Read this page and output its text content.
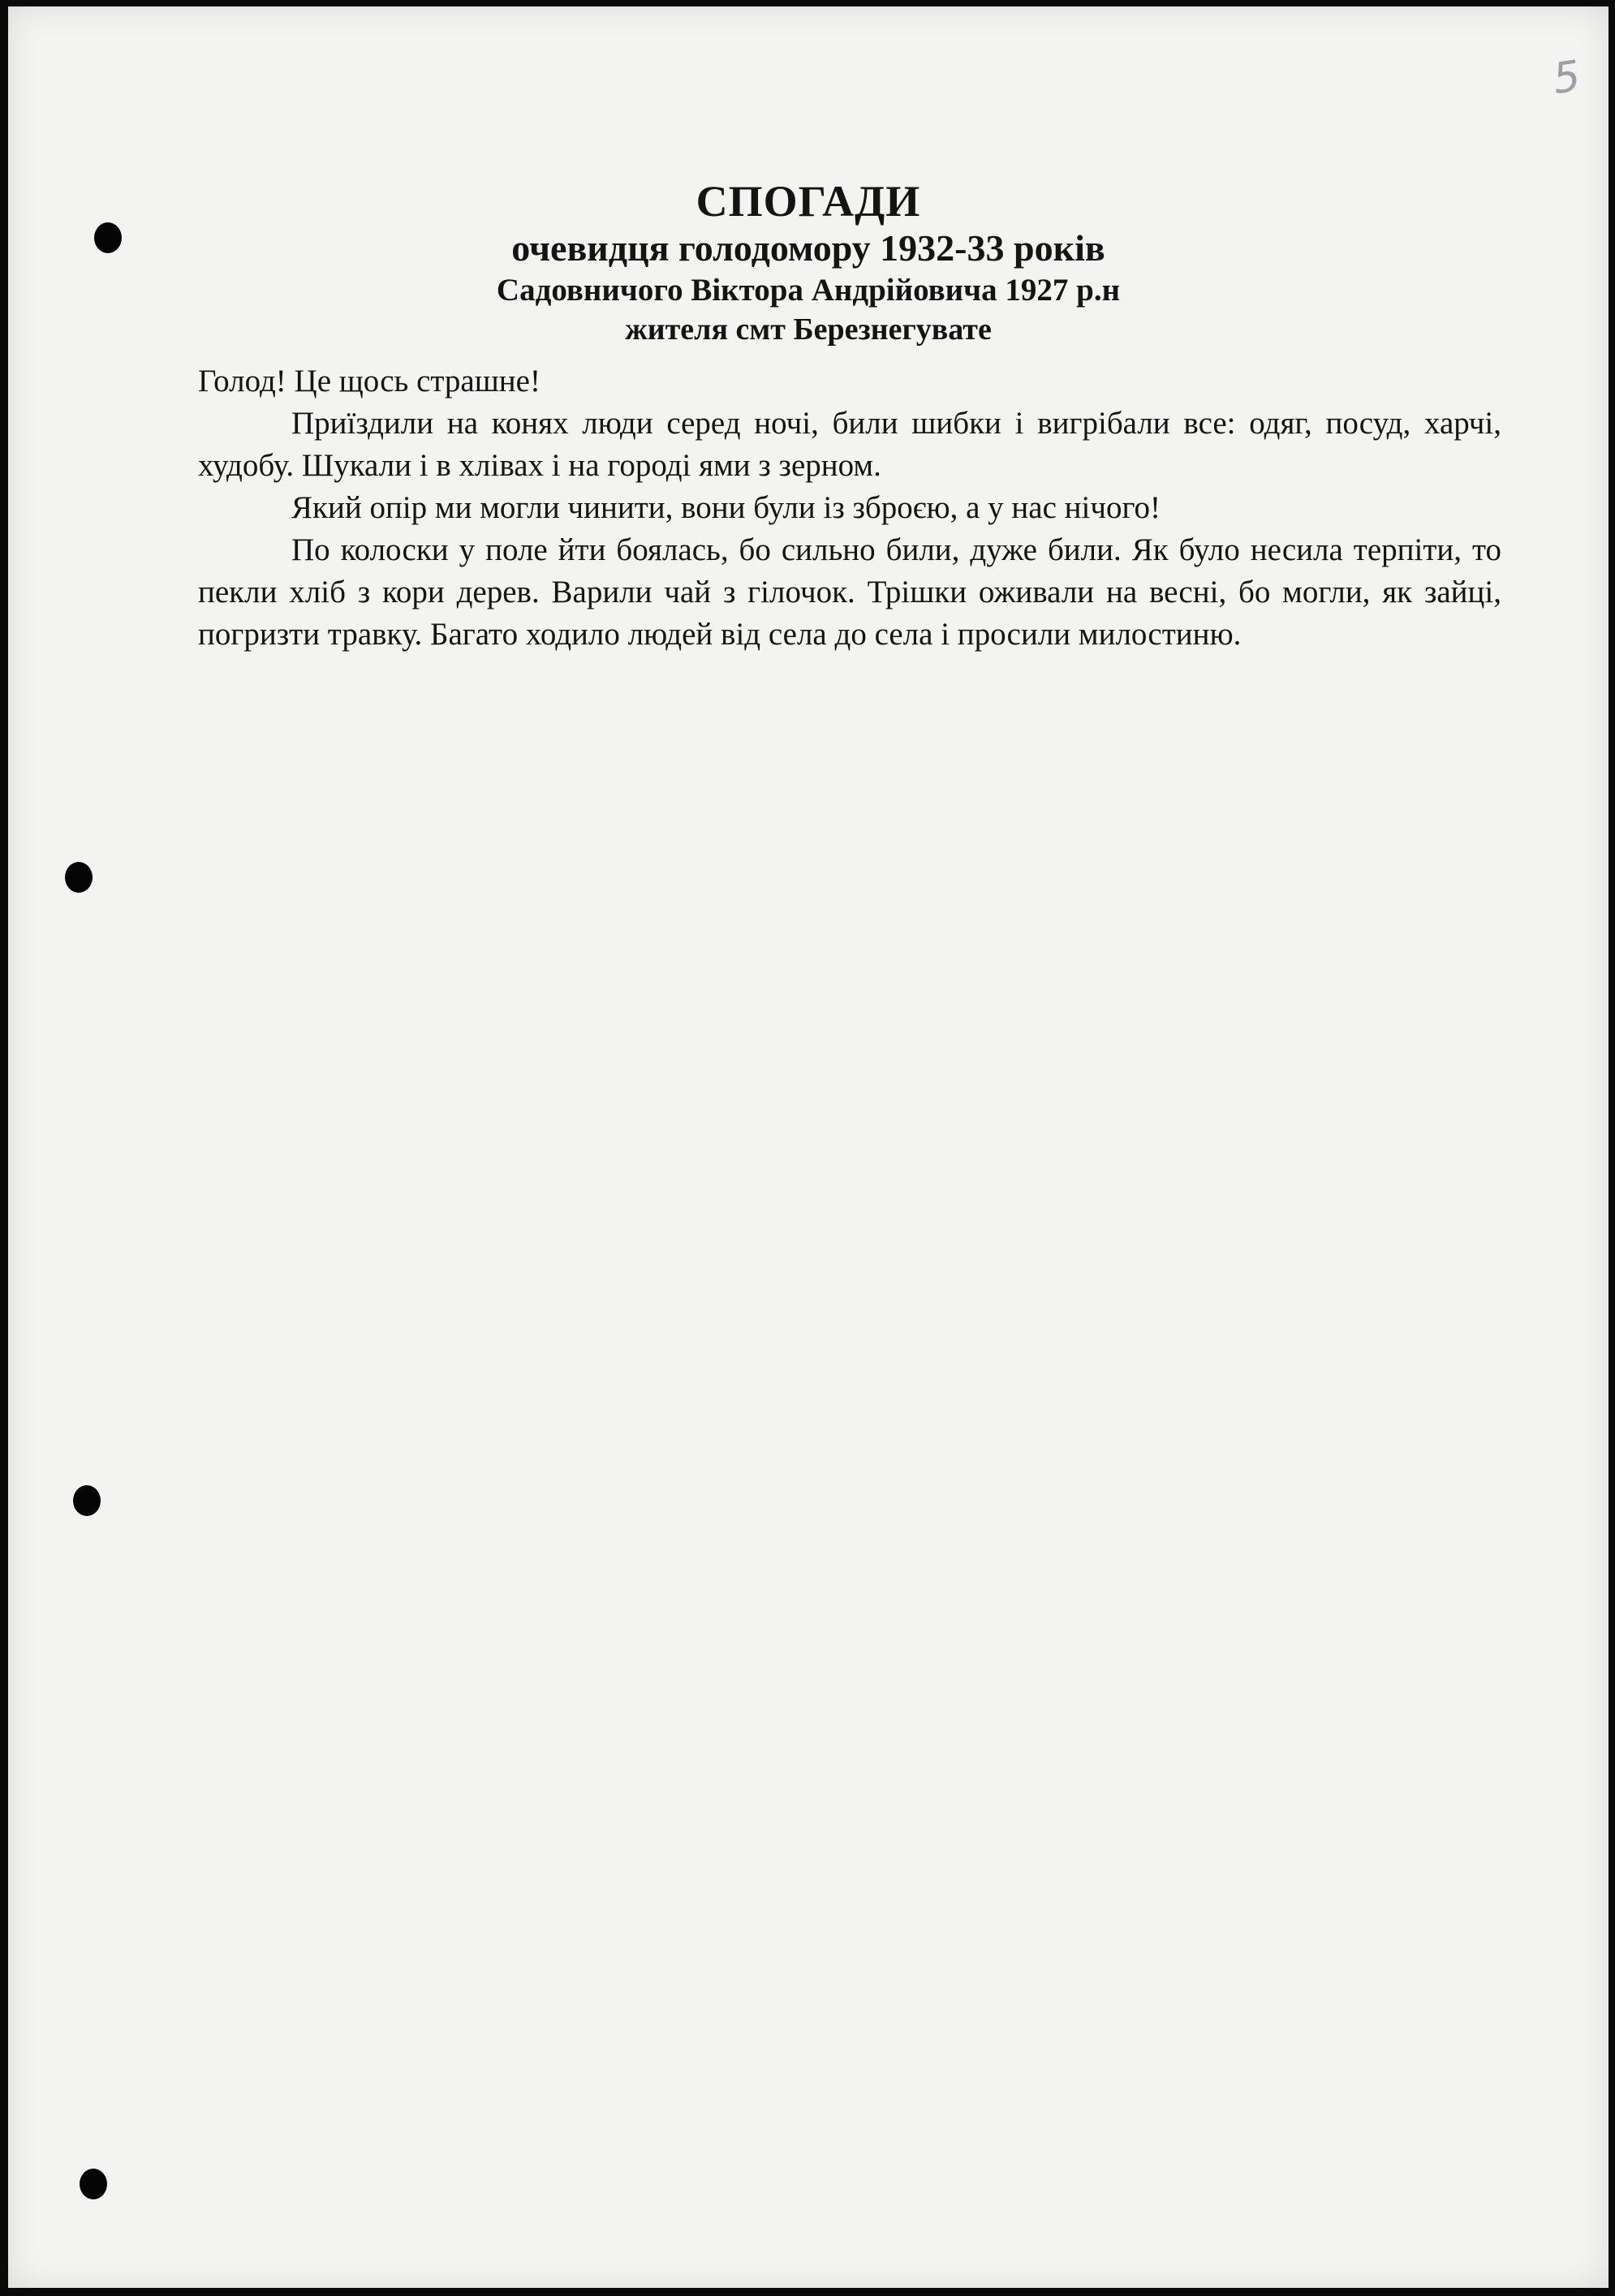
5
СПОГАДИ
очевидця голодомору 1932-33 років
Садовничого Віктора Андрійовича 1927 р.н
жителя смт Березнегувате

Голод! Це щось страшне!

Приїздили на конях люди серед ночі, били шибки і вигрібали все: одяг, посуд, харчі, худобу. Шукали і в хлівах і на городі ями з зерном.

Який опір ми могли чинити, вони були із зброєю, а у нас нічого!

По колоски у поле йти боялась, бо сильно били, дуже били. Як було несила терпіти, то пекли хліб з кори дерев. Варили чай з гілочок. Трішки оживали на весні, бо могли, як зайці, погризти травку. Багато ходило людей від села до села і просили милостиню.
